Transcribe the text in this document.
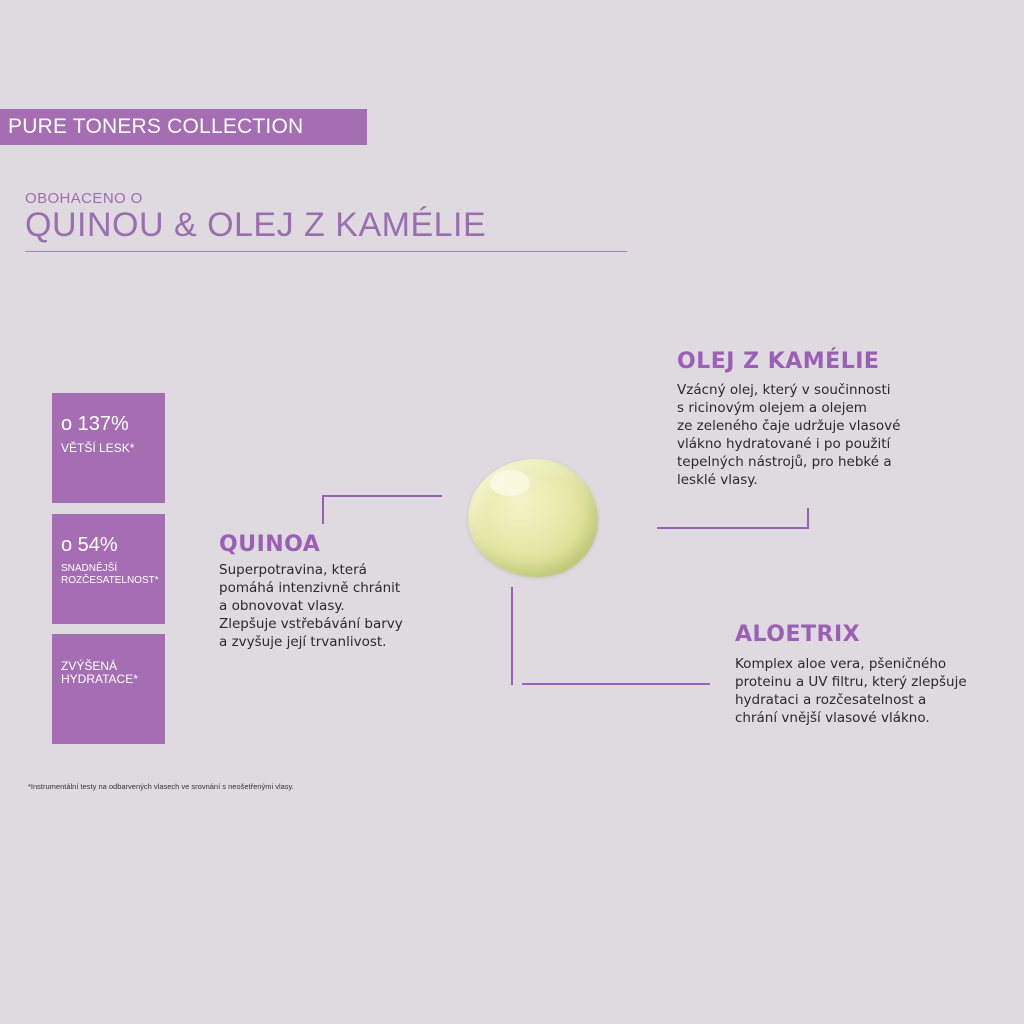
PURE TONERS COLLECTION
OBOHACENO O
QUINOU & OLEJ Z KAMÉLIE
o 137%
VĚTŠÍ LESK*
o 54%
SNADNĚJŠÍ
ROZČESATELNOST*
ZVÝŠENÁ
HYDRATACE*
OLEJ Z KAMÉLIE
Vzácný olej, který v součinnosti
s ricinovým olejem a olejem
ze zeleného čaje udržuje vlasové
vlákno hydratované i po použití
tepelných nástrojů, pro hebké a
lesklé vlasy.
QUINOA
Superpotravina, která
pomáhá intenzivně chránit
a obnovovat vlasy.
Zlepšuje vstřebávání barvy
a zvyšuje její trvanlivost.	ALOETRIX
Komplex aloe vera, pšeničného
proteinu a UV filtru, který zlepšuje
hydrataci a rozčesatelnost a
chrání vnější vlasové vlákno.
*Instrumentální testy na odbarvených vlasech ve srovnání s neošetřenými vlasy.
